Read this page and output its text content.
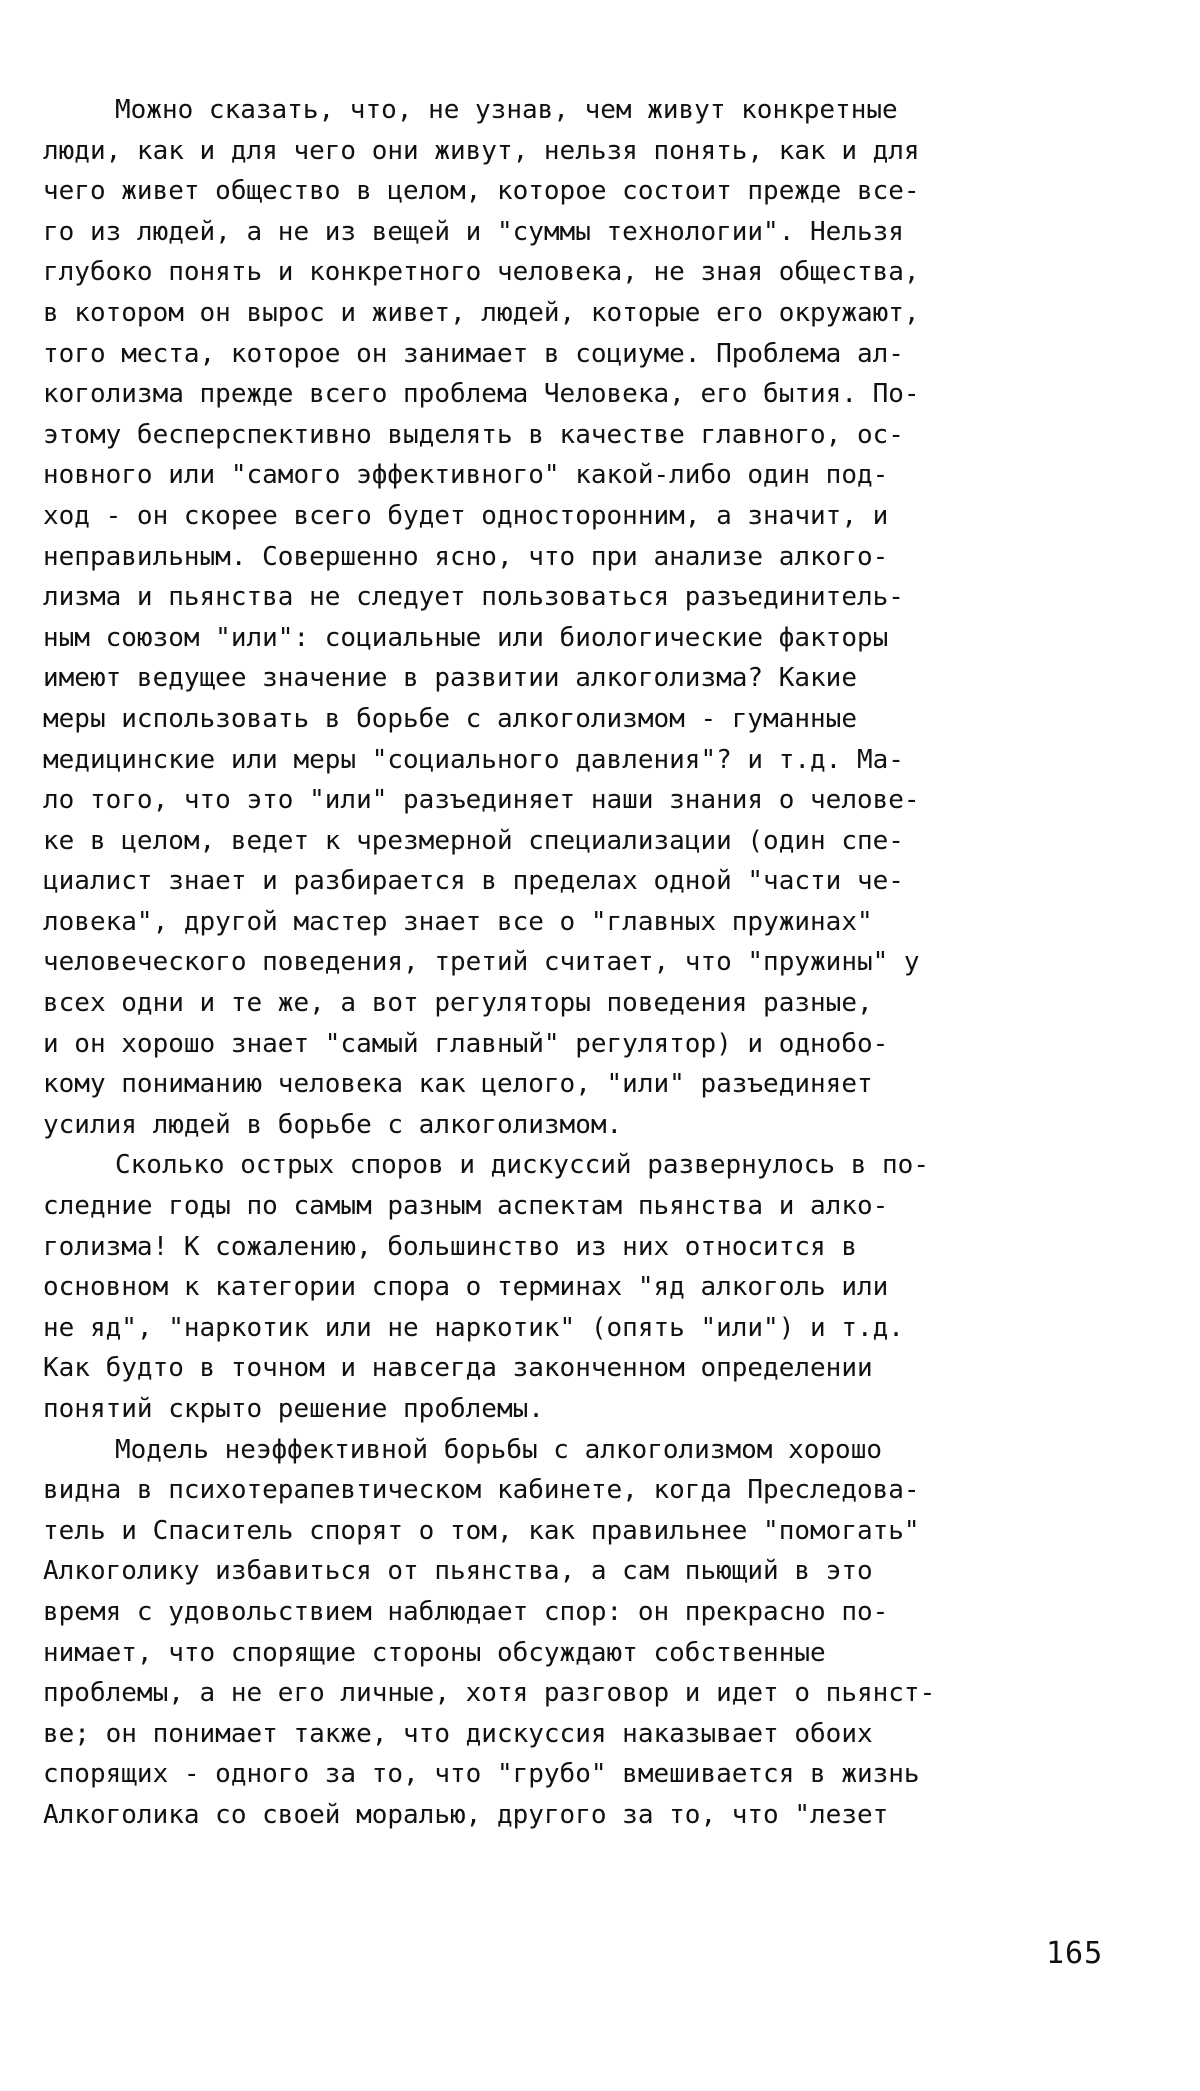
Можно сказать, что, не узнав, чем живут конкретные
люди, как и для чего они живут, нельзя понять, как и для
чего живет общество в целом, которое состоит прежде все-
го из людей, а не из вещей и "суммы технологии". Нельзя
глубоко понять и конкретного человека, не зная общества,
в котором он вырос и живет, людей, которые его окружают,
того места, которое он занимает в социуме. Проблема ал-
коголизма прежде всего проблема Человека, его бытия. По-
этому бесперспективно выделять в качестве главного, ос-
новного или "самого эффективного" какой-либо один под-
ход - он скорее всего будет односторонним, а значит, и
неправильным. Совершенно ясно, что при анализе алкого-
лизма и пьянства не следует пользоваться разъединитель-
ным союзом "или": социальные или биологические факторы
имеют ведущее значение в развитии алкоголизма? Какие
меры использовать в борьбе с алкоголизмом - гуманные
медицинские или меры "социального давления"? и т.д. Ма-
ло того, что это "или" разъединяет наши знания о челове-
ке в целом, ведет к чрезмерной специализации (один спе-
циалист знает и разбирается в пределах одной "части че-
ловека", другой мастер знает все о "главных пружинах"
человеческого поведения, третий считает, что "пружины" у
всех одни и те же, а вот регуляторы поведения разные,
и он хорошо знает "самый главный" регулятор) и однобо-
кому пониманию человека как целого, "или" разъединяет
усилия людей в борьбе с алкоголизмом.
Сколько острых споров и дискуссий развернулось в по-
следние годы по самым разным аспектам пьянства и алко-
голизма! К сожалению, большинство из них относится в
основном к категории спора о терминах "яд алкоголь или
не яд", "наркотик или не наркотик" (опять "или") и т.д.
Как будто в точном и навсегда законченном определении
понятий скрыто решение проблемы.
Модель неэффективной борьбы с алкоголизмом хорошо
видна в психотерапевтическом кабинете, когда Преследова-
тель и Спаситель спорят о том, как правильнее "помогать"
Алкоголику избавиться от пьянства, а сам пьющий в это
время с удовольствием наблюдает спор: он прекрасно по-
нимает, что спорящие стороны обсуждают собственные
проблемы, а не его личные, хотя разговор и идет о пьянст-
ве; он понимает также, что дискуссия наказывает обоих
спорящих - одного за то, что "грубо" вмешивается в жизнь
Алкоголика со своей моралью, другого за то, что "лезет
165
